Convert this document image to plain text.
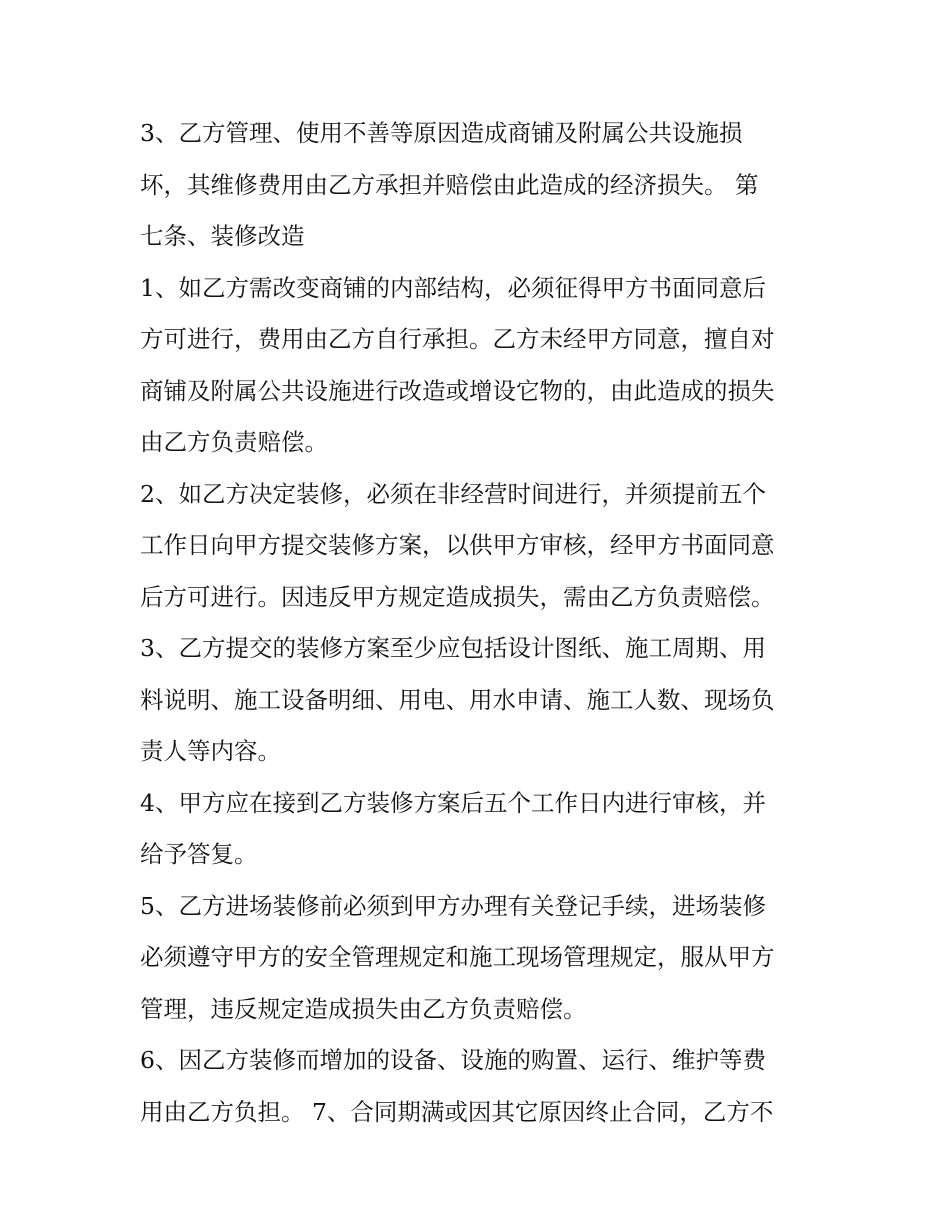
3、乙方管理、使用不善等原因造成商铺及附属公共设施损
坏，其维修费用由乙方承担并赔偿由此造成的经济损失。 第
七条、装修改造
1、如乙方需改变商铺的内部结构，必须征得甲方书面同意后
方可进行，费用由乙方自行承担。乙方未经甲方同意，擅自对
商铺及附属公共设施进行改造或增设它物的，由此造成的损失
由乙方负责赔偿。
2、如乙方决定装修，必须在非经营时间进行，并须提前五个
工作日向甲方提交装修方案，以供甲方审核，经甲方书面同意
后方可进行。因违反甲方规定造成损失，需由乙方负责赔偿。
3、乙方提交的装修方案至少应包括设计图纸、施工周期、用
料说明、施工设备明细、用电、用水申请、施工人数、现场负
责人等内容。
4、甲方应在接到乙方装修方案后五个工作日内进行审核，并
给予答复。
5、乙方进场装修前必须到甲方办理有关登记手续，进场装修
必须遵守甲方的安全管理规定和施工现场管理规定，服从甲方
管理，违反规定造成损失由乙方负责赔偿。
6、因乙方装修而增加的设备、设施的购置、运行、维护等费
用由乙方负担。 7、合同期满或因其它原因终止合同，乙方不
